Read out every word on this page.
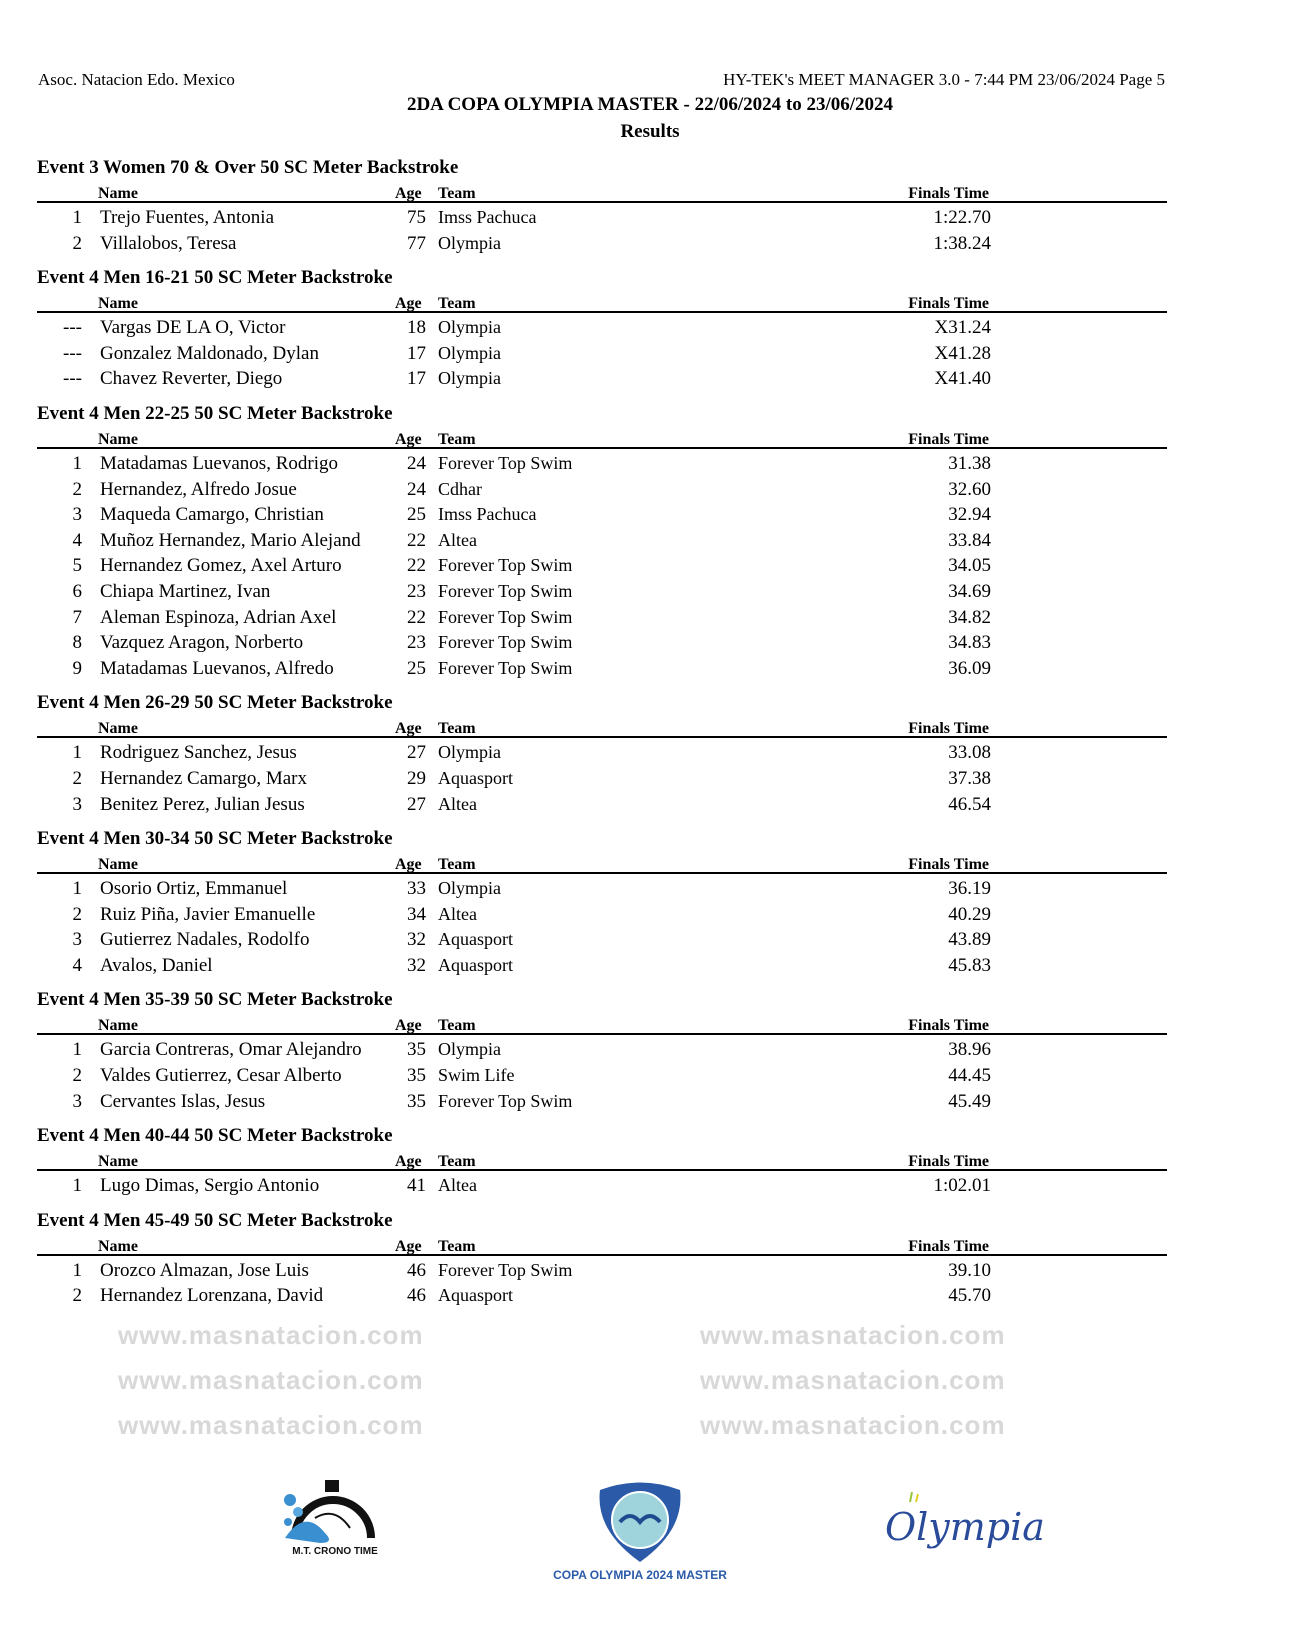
Asoc. Natacion Edo. Mexico	HY-TEK's MEET MANAGER 3.0 - 7:44 PM 23/06/2024 Page 5
2DA COPA OLYMPIA MASTER - 22/06/2024 to 23/06/2024
Results
Event 3 Women 70 & Over 50 SC Meter Backstroke
Name	Age Team	Finals Time
1 Trejo Fuentes, Antonia	75 Imss Pachuca	1:22.70
2 Villalobos, Teresa	77 Olympia	1:38.24
Event 4 Men 16-21 50 SC Meter Backstroke
Name	Age Team	Finals Time
--- Vargas DE LA O, Victor	18 Olympia	X31.24
--- Gonzalez Maldonado, Dylan	17 Olympia	X41.28
--- Chavez Reverter, Diego	17 Olympia	X41.40
Event 4 Men 22-25 50 SC Meter Backstroke
Name	Age Team	Finals Time
1 Matadamas Luevanos, Rodrigo	24 Forever Top Swim	31.38
2 Hernandez, Alfredo Josue	24 Cdhar	32.60
3 Maqueda Camargo, Christian	25 Imss Pachuca	32.94
4 Muñoz Hernandez, Mario Alejand	22 Altea	33.84
5 Hernandez Gomez, Axel Arturo	22 Forever Top Swim	34.05
6 Chiapa Martinez, Ivan	23 Forever Top Swim	34.69
7 Aleman Espinoza, Adrian Axel	22 Forever Top Swim	34.82
8 Vazquez Aragon, Norberto	23 Forever Top Swim	34.83
9 Matadamas Luevanos, Alfredo	25 Forever Top Swim	36.09
Event 4 Men 26-29 50 SC Meter Backstroke
Name	Age Team	Finals Time
1 Rodriguez Sanchez, Jesus	27 Olympia	33.08
2 Hernandez Camargo, Marx	29 Aquasport	37.38
3 Benitez Perez, Julian Jesus	27 Altea	46.54
Event 4 Men 30-34 50 SC Meter Backstroke
Name	Age Team	Finals Time
1 Osorio Ortiz, Emmanuel	33 Olympia	36.19
2 Ruiz Piña, Javier Emanuelle	34 Altea	40.29
3 Gutierrez Nadales, Rodolfo	32 Aquasport	43.89
4 Avalos, Daniel	32 Aquasport	45.83
Event 4 Men 35-39 50 SC Meter Backstroke
Name	Age Team	Finals Time
1 Garcia Contreras, Omar Alejandro	35 Olympia	38.96
2 Valdes Gutierrez, Cesar Alberto	35 Swim Life	44.45
3 Cervantes Islas, Jesus	35 Forever Top Swim	45.49
Event 4 Men 40-44 50 SC Meter Backstroke
Name	Age Team	Finals Time
1 Lugo Dimas, Sergio Antonio	41 Altea	1:02.01
Event 4 Men 45-49 50 SC Meter Backstroke
Name	Age Team	Finals Time
1 Orozco Almazan, Jose Luis	46 Forever Top Swim	39.10
2 Hernandez Lorenzana, David	46 Aquasport	45.70
www.masnatacion.com	www.masnatacion.com
www.masnatacion.com	www.masnatacion.com
www.masnatacion.com	www.masnatacion.com
M.T. CRONO TIME
COPA OLYMPIA 2024 MASTER
Olympia
